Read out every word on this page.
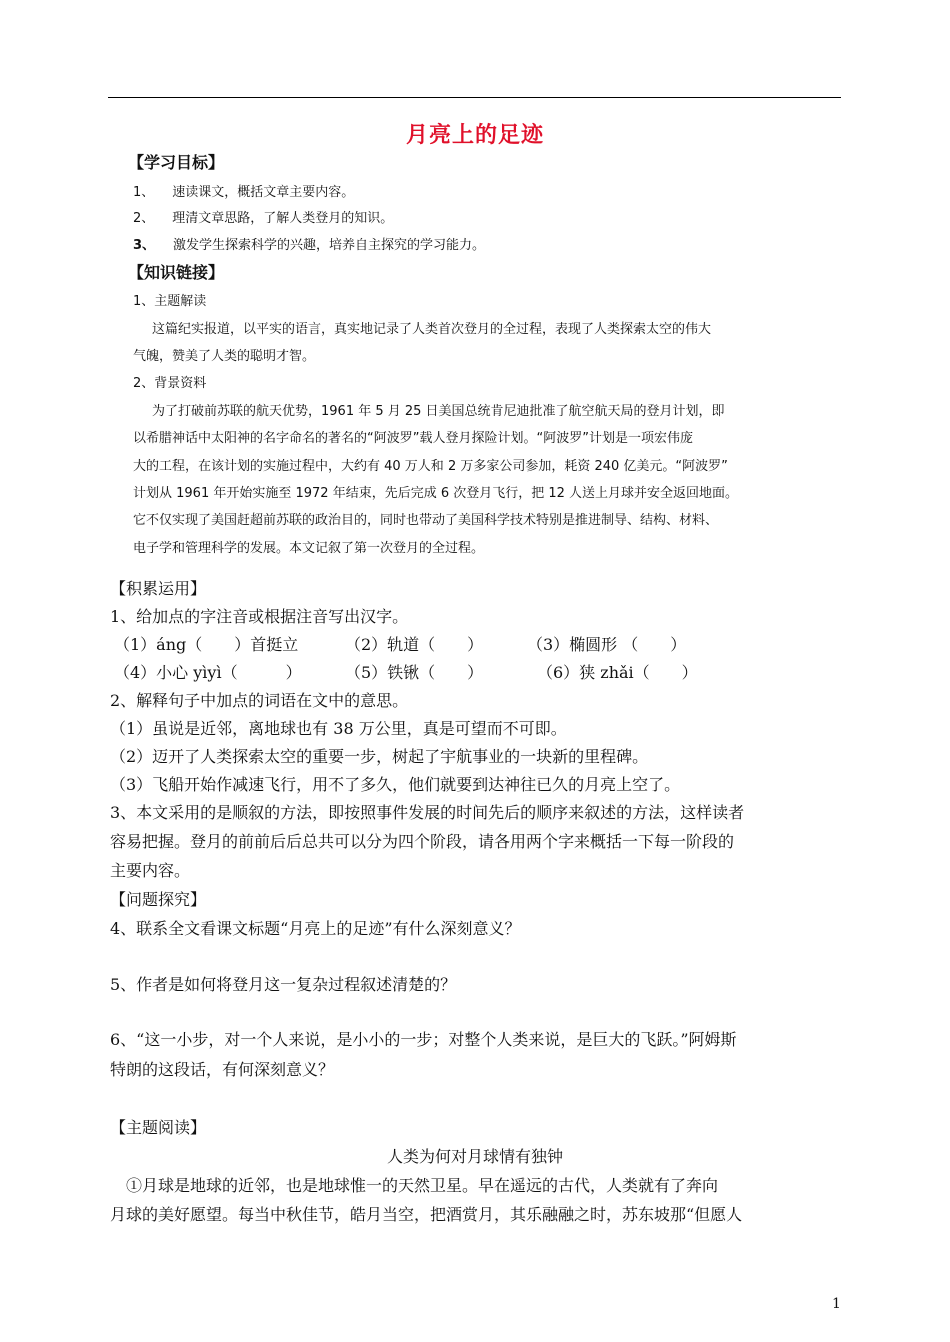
月亮上的足迹
【学习目标】
1、 速读课文，概括文章主要内容。
2、 理清文章思路，了解人类登月的知识。
3、 激发学生探索科学的兴趣，培养自主探究的学习能力。
【知识链接】
1、主题解读
这篇纪实报道，以平实的语言，真实地记录了人类首次登月的全过程，表现了人类探索太空的伟大
气魄，赞美了人类的聪明才智。
2、背景资料
为了打破前苏联的航天优势，1961 年 5 月 25 日美国总统肯尼迪批准了航空航天局的登月计划，即
以希腊神话中太阳神的名字命名的著名的“阿波罗”载人登月探险计划。“阿波罗”计划是一项宏伟庞
大的工程，在该计划的实施过程中，大约有 40 万人和 2 万多家公司参加，耗资 240 亿美元。“阿波罗”
计划从 1961 年开始实施至 1972 年结束，先后完成 6 次登月飞行，把 12 人送上月球并安全返回地面。
它不仅实现了美国赶超前苏联的政治目的，同时也带动了美国科学技术特别是推进制导、结构、材料、
电子学和管理科学的发展。本文记叙了第一次登月的全过程。
【积累运用】
1、给加点的字注音或根据注音写出汉字。
（1）áng（　　）首挺立	（2）轨道（　　）	（3）椭圆形 （　　）
（4）小心 yìyì（　　　）	（5）铁锹（　　）	（6）狭 zhǎi（　　）
2、解释句子中加点的词语在文中的意思。
（1）虽说是近邻，离地球也有 38 万公里，真是可望而不可即。
（2）迈开了人类探索太空的重要一步，树起了宇航事业的一块新的里程碑。
（3）飞船开始作减速飞行，用不了多久，他们就要到达神往已久的月亮上空了。
3、本文采用的是顺叙的方法，即按照事件发展的时间先后的顺序来叙述的方法，这样读者
容易把握。登月的前前后后总共可以分为四个阶段，请各用两个字来概括一下每一阶段的
主要内容。
【问题探究】
4、联系全文看课文标题“月亮上的足迹”有什么深刻意义？
5、作者是如何将登月这一复杂过程叙述清楚的？
6、“这一小步，对一个人来说，是小小的一步；对整个人类来说，是巨大的飞跃。”阿姆斯
特朗的这段话，有何深刻意义？
【主题阅读】
人类为何对月球情有独钟
①月球是地球的近邻，也是地球惟一的天然卫星。早在遥远的古代，人类就有了奔向
月球的美好愿望。每当中秋佳节，皓月当空，把酒赏月，其乐融融之时，苏东坡那“但愿人
1
